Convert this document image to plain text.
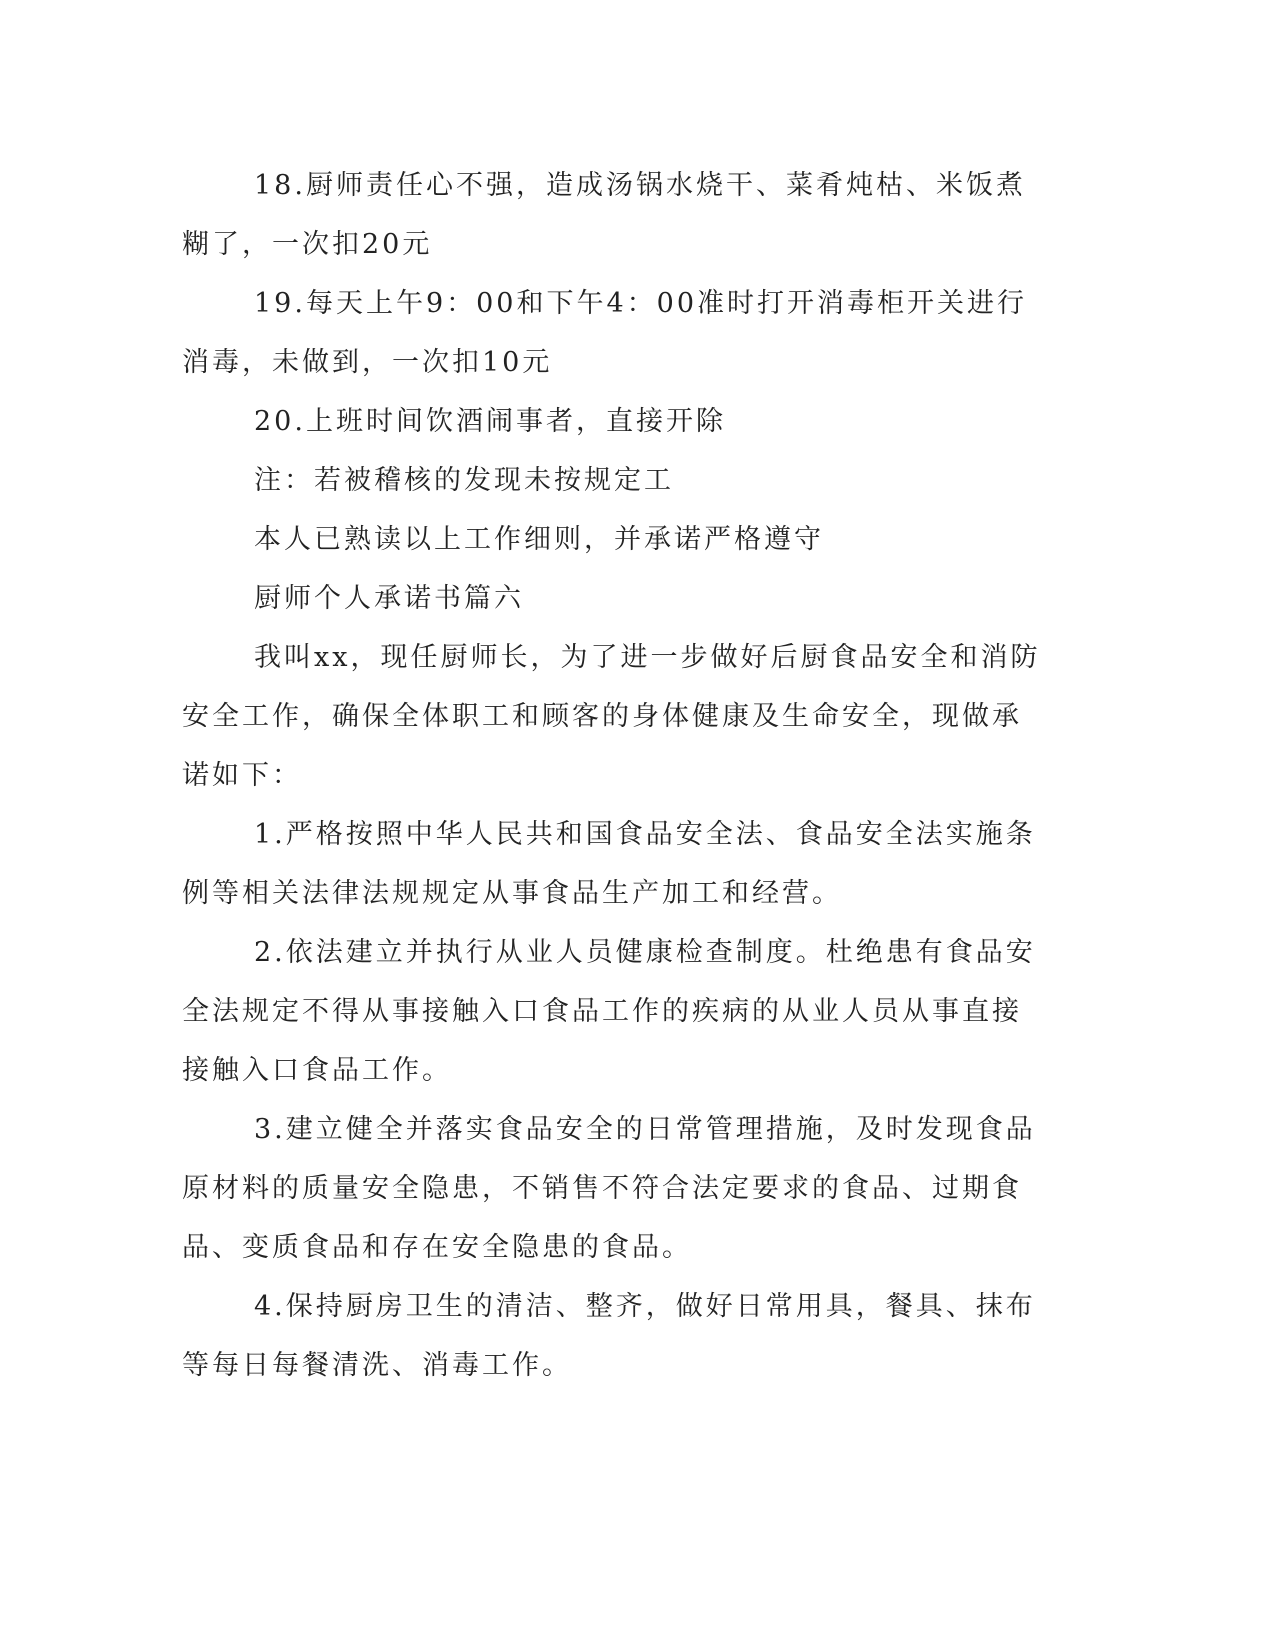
18.厨师责任心不强，造成汤锅水烧干、菜肴炖枯、米饭煮糊了，一次扣20元

19.每天上午9：00和下午4：00准时打开消毒柜开关进行消毒，未做到，一次扣10元

20.上班时间饮酒闹事者，直接开除

注：若被稽核的发现未按规定工

本人已熟读以上工作细则，并承诺严格遵守

厨师个人承诺书篇六

我叫xx，现任厨师长，为了进一步做好后厨食品安全和消防安全工作，确保全体职工和顾客的身体健康及生命安全，现做承诺如下：

1.严格按照中华人民共和国食品安全法、食品安全法实施条例等相关法律法规规定从事食品生产加工和经营。

2.依法建立并执行从业人员健康检查制度。杜绝患有食品安全法规定不得从事接触入口食品工作的疾病的从业人员从事直接接触入口食品工作。

3.建立健全并落实食品安全的日常管理措施，及时发现食品原材料的质量安全隐患，不销售不符合法定要求的食品、过期食品、变质食品和存在安全隐患的食品。

4.保持厨房卫生的清洁、整齐，做好日常用具，餐具、抹布等每日每餐清洗、消毒工作。
